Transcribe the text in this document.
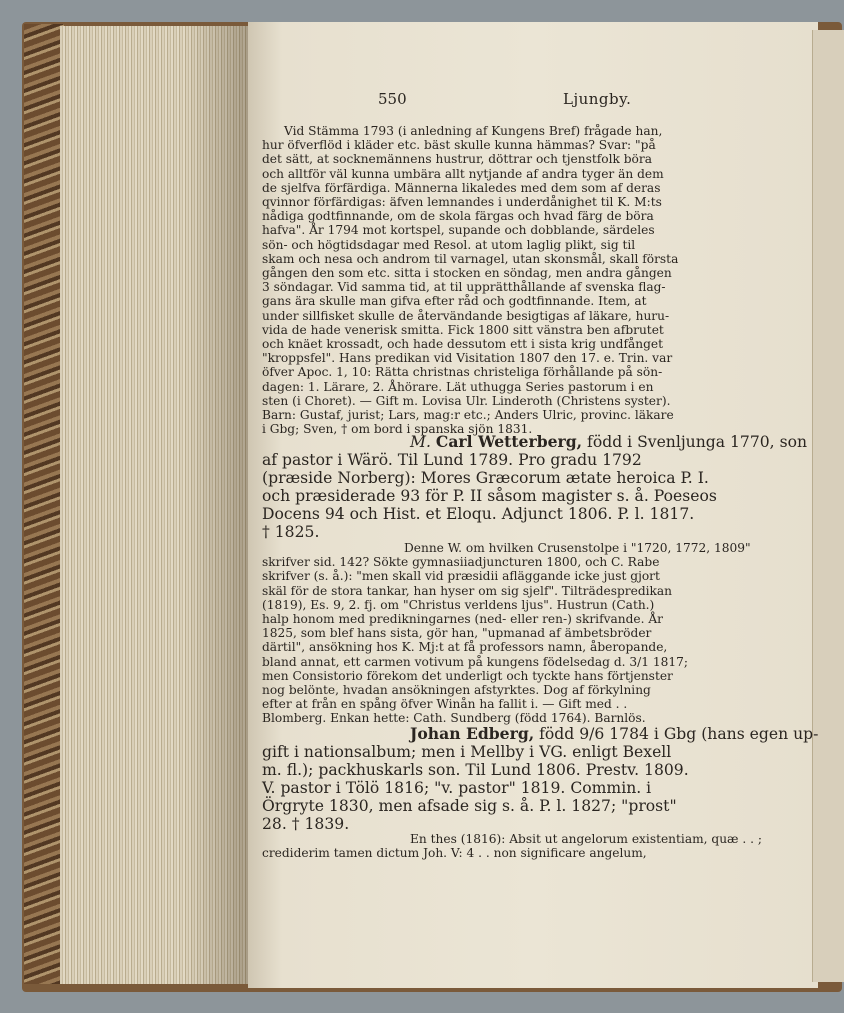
550	Ljungby.
Vid Stämma 1793 (i anledning af Kungens Bref) frågade han,
hur öfverflöd i kläder etc. bäst skulle kunna hämmas? Svar: "på
det sätt, at socknemännens hustrur, döttrar och tjenstfolk böra
och alltför väl kunna umbära allt nytjande af andra tyger än dem
de sjelfva förfärdiga. Männerna likaledes med dem som af deras
qvinnor förfärdigas: äfven lemnandes i underdånighet til K. M:ts
nådiga godtfinnande, om de skola färgas och hvad färg de böra
hafva". År 1794 mot kortspel, supande och dobblande, särdeles
sön- och högtidsdagar med Resol. at utom laglig plikt, sig til
skam och nesa och androm til varnagel, utan skonsmål, skall första
gången den som etc. sitta i stocken en söndag, men andra gången
3 söndagar. Vid samma tid, at til upprätthållande af svenska flag-
gans ära skulle man gifva efter råd och godtfinnande. Item, at
under sillfisket skulle de återvändande besigtigas af läkare, huru-
vida de hade venerisk smitta. Fick 1800 sitt vänstra ben afbrutet
och knäet krossadt, och hade dessutom ett i sista krig undfånget
"kroppsfel". Hans predikan vid Visitation 1807 den 17. e. Trin. var
öfver Apoc. 1, 10: Rätta christnas christeliga förhållande på sön-
dagen: 1. Lärare, 2. Åhörare. Lät uthugga Series pastorum i en
sten (i Choret). — Gift m. Lovisa Ulr. Linderoth (Christens syster).
Barn: Gustaf, jurist; Lars, mag:r etc.; Anders Ulric, provinc. läkare
i Gbg; Sven, † om bord i spanska sjön 1831.
M. Carl Wetterberg, född i Svenljunga 1770, son
af pastor i Wärö. Til Lund 1789. Pro gradu 1792
(præside Norberg): Mores Græcorum ætate heroica P. I.
och præsiderade 93 för P. II såsom magister s. å. Poeseos
Docens 94 och Hist. et Eloqu. Adjunct 1806. P. l. 1817.
† 1825.
Denne W. om hvilken Crusenstolpe i "1720, 1772, 1809"
skrifver sid. 142? Sökte gymnasiiadjuncturen 1800, och C. Rabe
skrifver (s. å.): "men skall vid præsidii afläggande icke just gjort
skäl för de stora tankar, han hyser om sig sjelf". Tilträdespredikan
(1819), Es. 9, 2. fj. om "Christus verldens ljus". Hustrun (Cath.)
halp honom med predikningarnes (ned- eller ren-) skrifvande. År
1825, som blef hans sista, gör han, "upmanad af ämbetsbröder
därtil", ansökning hos K. Mj:t at få professors namn, åberopande,
bland annat, ett carmen votivum på kungens födelsedag d. 3/1 1817;
men Consistorio förekom det underligt och tyckte hans förtjenster
nog belönte, hvadan ansökningen afstyrktes. Dog af förkylning
efter at från en spång öfver Winån ha fallit i. — Gift med . .
Blomberg. Enkan hette: Cath. Sundberg (född 1764). Barnlös.
Johan Edberg, född 9/6 1784 i Gbg (hans egen up-
gift i nationsalbum; men i Mellby i VG. enligt Bexell
m. fl.); packhuskarls son. Til Lund 1806. Prestv. 1809.
V. pastor i Tölö 1816; "v. pastor" 1819. Commin. i
Örgryte 1830, men afsade sig s. å. P. l. 1827; "prost"
28. † 1839.
En thes (1816): Absit ut angelorum existentiam, quæ . . ;
crediderim tamen dictum Joh. V: 4 . . non significare angelum,
